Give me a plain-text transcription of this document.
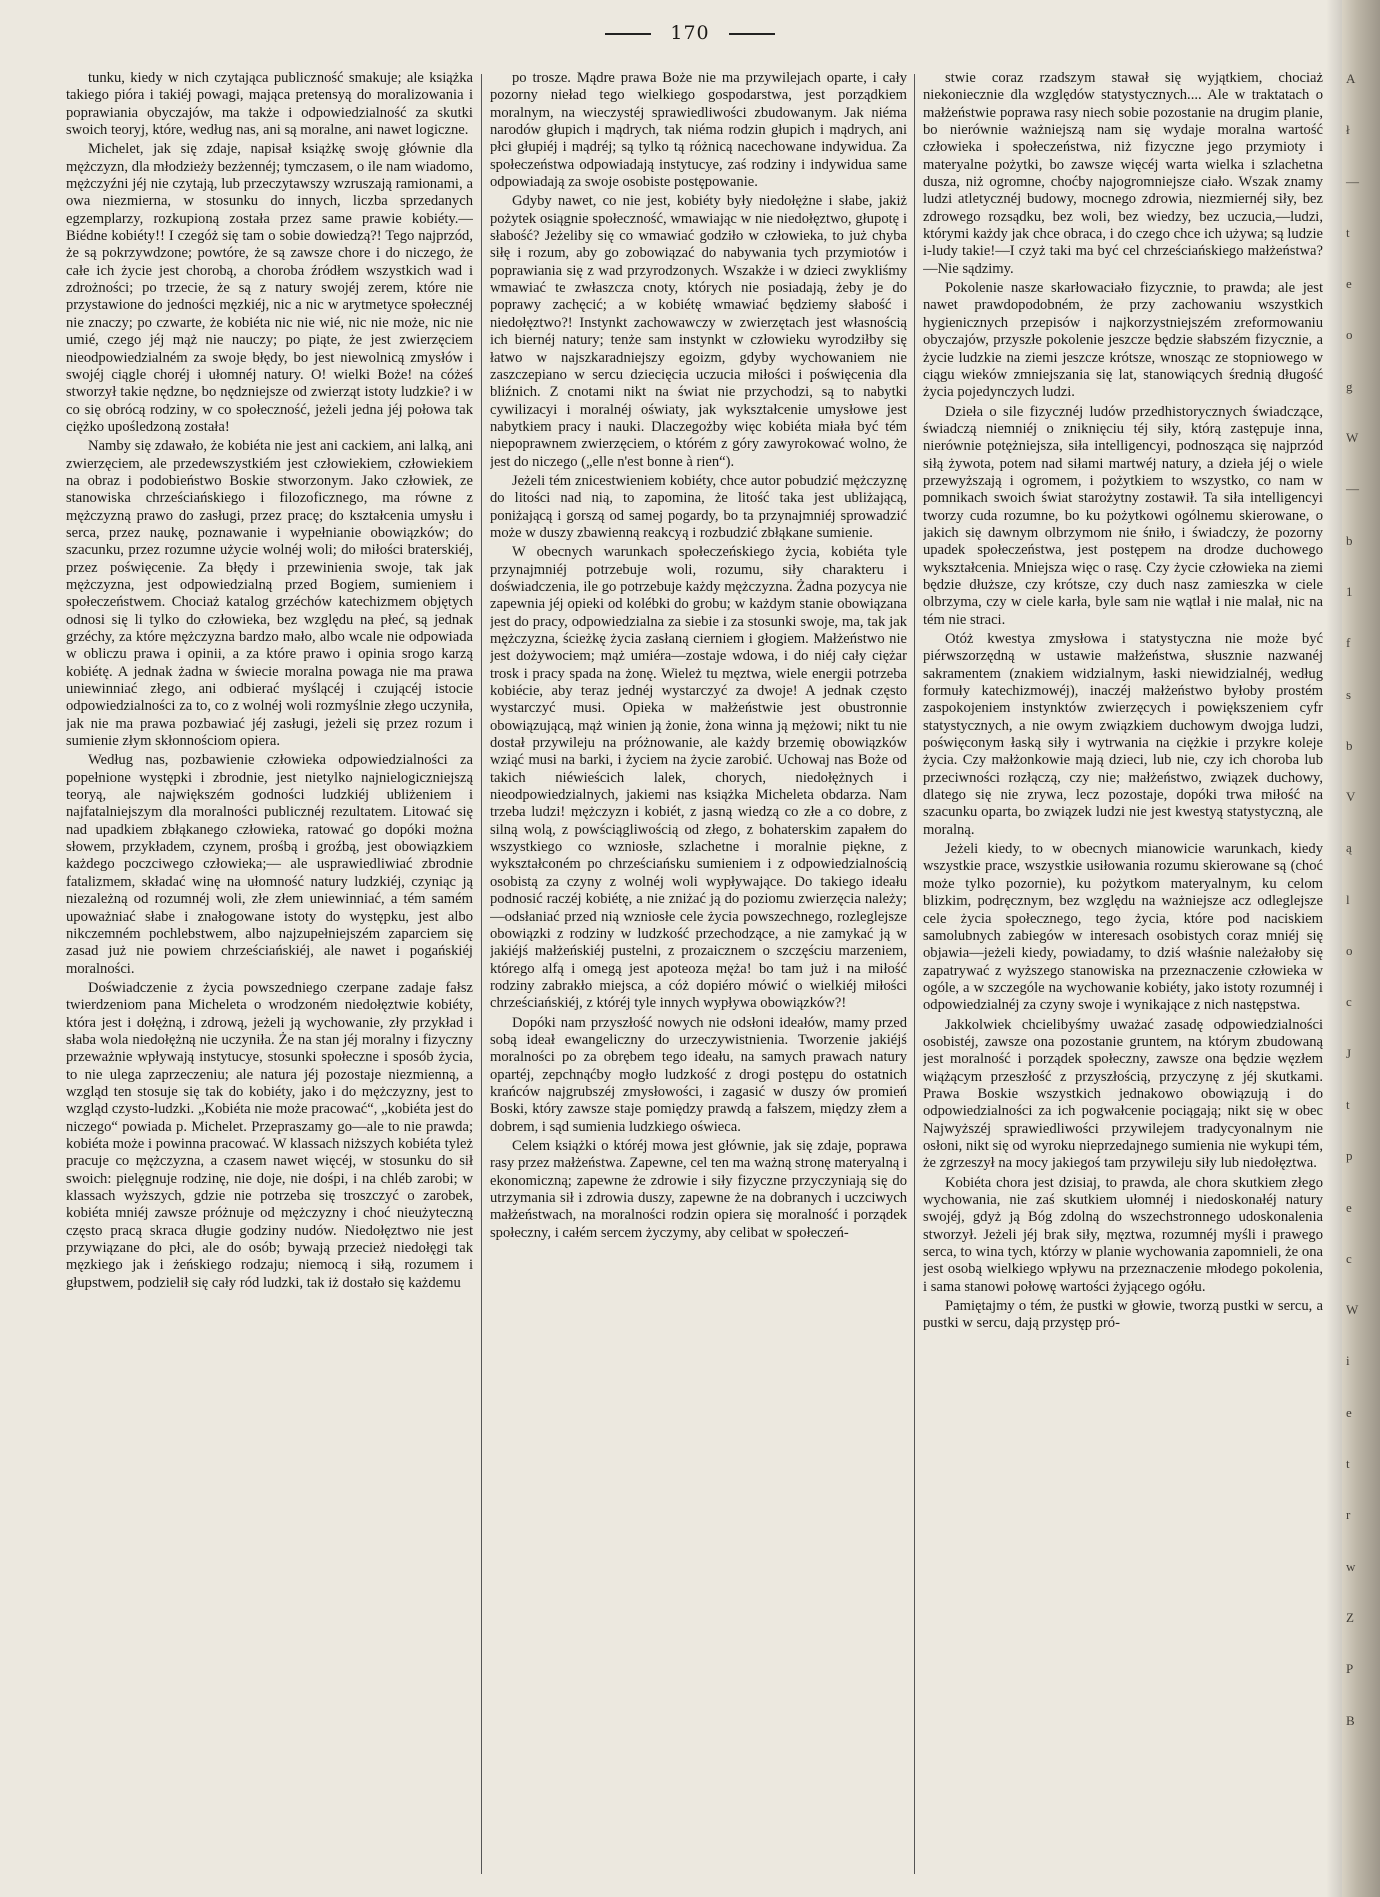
170

tunku, kiedy w nich czytająca publiczność smakuje; ale książka takiego pióra i takiéj powagi, mająca pretensyą do moralizowania i poprawiania obyczajów, ma także i odpowiedzialność za skutki swoich teoryj, które, według nas, ani są moralne, ani nawet logiczne.

Michelet, jak się zdaje, napisał książkę swoję głównie dla mężczyzn, dla młodzieży bezżennéj; tymczasem, o ile nam wiadomo, mężczyźni jéj nie czytają, lub przeczytawszy wzruszają ramionami, a owa niezmierna, w stosunku do innych, liczba sprzedanych egzemplarzy, rozkupioną została przez same prawie kobiéty.— Biédne kobiéty!! I czegóż się tam o sobie dowiedzą?! Tego najprzód, że są pokrzywdzone; powtóre, że są zawsze chore i do niczego, że całe ich życie jest chorobą, a choroba źródłem wszystkich wad i zdrożności; po trzecie, że są z natury swojéj zerem, które nie przystawione do jedności męzkiéj, nic a nic w arytmetyce społecznéj nie znaczy; po czwarte, że kobiéta nic nie wié, nic nie może, nic nie umié, czego jéj mąż nie nauczy; po piąte, że jest zwierzęciem nieodpowiedzialném za swoje błędy, bo jest niewolnicą zmysłów i swojéj ciągle choréj i ułomnéj natury. O! wielki Boże! na cóżeś stworzył takie nędzne, bo nędzniejsze od zwierząt istoty ludzkie? i w co się obrócą rodziny, w co społeczność, jeżeli jedna jéj połowa tak ciężko upośledzoną została!

Namby się zdawało, że kobiéta nie jest ani cackiem, ani lalką, ani zwierzęciem, ale przedewszystkiém jest człowiekiem, człowiekiem na obraz i podobieństwo Boskie stworzonym. Jako człowiek, ze stanowiska chrześciańskiego i filozoficznego, ma równe z mężczyzną prawo do zasługi, przez pracę; do kształcenia umysłu i serca, przez naukę, poznawanie i wypełnianie obowiązków; do szacunku, przez rozumne użycie wolnéj woli; do miłości braterskiéj, przez poświęcenie. Za błędy i przewinienia swoje, tak jak mężczyzna, jest odpowiedzialną przed Bogiem, sumieniem i społeczeństwem. Chociaż katalog grzéchów katechizmem objętych odnosi się li tylko do człowieka, bez względu na płeć, są jednak grzéchy, za które mężczyzna bardzo mało, albo wcale nie odpowiada w obliczu prawa i opinii, a za które prawo i opinia srogo karzą kobiétę. A jednak żadna w świecie moralna powaga nie ma prawa uniewinniać złego, ani odbierać myślącéj i czującéj istocie odpowiedzialności za to, co z wolnéj woli rozmyślnie złego uczyniła, jak nie ma prawa pozbawiać jéj zasługi, jeżeli się przez rozum i sumienie złym skłonnościom opiera.

Według nas, pozbawienie człowieka odpowiedzialności za popełnione występki i zbrodnie, jest nietylko najnielogiczniejszą teoryą, ale największém godności ludzkiéj ubliżeniem i najfatalniejszym dla moralności publicznéj rezultatem. Litować się nad upadkiem zbłąkanego człowieka, ratować go dopóki można słowem, przykładem, czynem, prośbą i groźbą, jest obowiązkiem każdego poczciwego człowieka;— ale usprawiedliwiać zbrodnie fatalizmem, składać winę na ułomność natury ludzkiéj, czyniąc ją niezależną od rozumnéj woli, złe złem uniewinniać, a tém samém upoważniać słabe i znałogowane istoty do występku, jest albo nikczemném pochlebstwem, albo najzupełniejszém zaparciem się zasad już nie powiem chrześciańskiéj, ale nawet i pogańskiéj moralności.

Doświadczenie z życia powszedniego czerpane zadaje fałsz twierdzeniom pana Micheleta o wrodzoném niedołęztwie kobiéty, która jest i dołężną, i zdrową, jeżeli ją wychowanie, zły przykład i słaba wola niedołężną nie uczyniła. Że na stan jéj moralny i fizyczny przeważnie wpływają instytucye, stosunki społeczne i sposób życia, to nie ulega zaprzeczeniu; ale natura jéj pozostaje niezmienną, a wzgląd ten stosuje się tak do kobiéty, jako i do mężczyzny, jest to wzgląd czysto-ludzki. „Kobiéta nie może pracować“, „kobiéta jest do niczego“ powiada p. Michelet. Przepraszamy go—ale to nie prawda; kobiéta może i powinna pracować. W klassach niższych kobiéta tyleż pracuje co mężczyzna, a czasem nawet więcéj, w stosunku do sił swoich: pielęgnuje rodzinę, nie doje, nie dośpi, i na chléb zarobi; w klassach wyższych, gdzie nie potrzeba się troszczyć o zarobek, kobiéta mniéj zawsze próżnuje od mężczyzny i choć nieużyteczną często pracą skraca długie godziny nudów. Niedołęztwo nie jest przywiązane do płci, ale do osób; bywają przecież niedołęgi tak męzkiego jak i żeńskiego rodzaju; niemocą i siłą, rozumem i głupstwem, podzielił się cały ród ludzki, tak iż dostało się każdemu

po trosze. Mądre prawa Boże nie ma przywilejach oparte, i cały pozorny nieład tego wielkiego gospodarstwa, jest porządkiem moralnym, na wieczystéj sprawiedliwości zbudowanym. Jak niéma narodów głupich i mądrych, tak niéma rodzin głupich i mądrych, ani płci głupiéj i mądréj; są tylko tą różnicą nacechowane indywidua. Za społeczeństwa odpowiadają instytucye, zaś rodziny i indywidua same odpowiadają za swoje osobiste postępowanie.

Gdyby nawet, co nie jest, kobiéty były niedołężne i słabe, jakiż pożytek osiągnie społeczność, wmawiając w nie niedołęztwo, głupotę i słabość? Jeżeliby się co wmawiać godziło w człowieka, to już chyba siłę i rozum, aby go zobowiązać do nabywania tych przymiotów i poprawiania się z wad przyrodzonych. Wszakże i w dzieci zwykliśmy wmawiać te zwłaszcza cnoty, których nie posiadają, żeby je do poprawy zachęcić; a w kobiétę wmawiać będziemy słabość i niedołęztwo?! Instynkt zachowawczy w zwierzętach jest własnością ich biernéj natury; tenże sam instynkt w człowieku wyrodziłby się łatwo w najszkaradniejszy egoizm, gdyby wychowaniem nie zaszczepiano w sercu dziecięcia uczucia miłości i poświęcenia dla bliźnich. Z cnotami nikt na świat nie przychodzi, są to nabytki cywilizacyi i moralnéj oświaty, jak wykształcenie umysłowe jest nabytkiem pracy i nauki. Dlaczegożby więc kobiéta miała być tém niepoprawnem zwierzęciem, o którém z góry zawyrokować wolno, że jest do niczego („elle n'est bonne à rien“).

Jeżeli tém znicestwieniem kobiéty, chce autor pobudzić mężczyznę do litości nad nią, to zapomina, że litość taka jest ubliżającą, poniżającą i gorszą od samej pogardy, bo ta przynajmniéj sprowadzić może w duszy zbawienną reakcyą i rozbudzić zbłąkane sumienie.

W obecnych warunkach społeczeńskiego życia, kobiéta tyle przynajmniéj potrzebuje woli, rozumu, siły charakteru i doświadczenia, ile go potrzebuje każdy mężczyzna. Żadna pozycya nie zapewnia jéj opieki od kolébki do grobu; w każdym stanie obowiązana jest do pracy, odpowiedzialna za siebie i za stosunki swoje, ma, tak jak mężczyzna, ścieżkę życia zasłaną cierniem i głogiem. Małżeństwo nie jest dożywociem; mąż umiéra—zostaje wdowa, i do niéj cały ciężar trosk i pracy spada na żonę. Wieleż tu męztwa, wiele energii potrzeba kobiécie, aby teraz jednéj wystarczyć za dwoje! A jednak często wystarczyć musi. Opieka w małżeństwie jest obustronnie obowiązującą, mąż winien ją żonie, żona winna ją mężowi; nikt tu nie dostał przywileju na próżnowanie, ale każdy brzemię obowiązków wziąć musi na barki, i życiem na życie zarobić. Uchowaj nas Boże od takich niéwieścich lalek, chorych, niedołężnych i nieodpowiedzialnych, jakiemi nas książka Micheleta obdarza. Nam trzeba ludzi! mężczyzn i kobiét, z jasną wiedzą co złe a co dobre, z silną wolą, z powściągliwością od złego, z bohaterskim zapałem do wszystkiego co wzniosłe, szlachetne i moralnie piękne, z wykształconém po chrześciańsku sumieniem i z odpowiedzialnością osobistą za czyny z wolnéj woli wypływające. Do takiego ideału podnosić raczéj kobiétę, a nie zniżać ją do poziomu zwierzęcia należy;—odsłaniać przed nią wzniosłe cele życia powszechnego, rozleglejsze obowiązki z rodziny w ludzkość przechodzące, a nie zamykać ją w jakiéjś małżeńskiéj pustelni, z prozaicznem o szczęściu marzeniem, którego alfą i omegą jest apoteoza męża! bo tam już i na miłość rodziny zabrakło miejsca, a cóż dopiéro mówić o wielkiéj miłości chrześciańskiéj, z któréj tyle innych wypływa obowiązków?!

Dopóki nam przyszłość nowych nie odsłoni ideałów, mamy przed sobą ideał ewangeliczny do urzeczywistnienia. Tworzenie jakiéjś moralności po za obrębem tego ideału, na samych prawach natury opartéj, zepchnąćby mogło ludzkość z drogi postępu do ostatnich krańców najgrubszéj zmysłowości, i zagasić w duszy ów promień Boski, który zawsze staje pomiędzy prawdą a fałszem, między złem a dobrem, i sąd sumienia ludzkiego oświeca.

Celem książki o któréj mowa jest głównie, jak się zdaje, poprawa rasy przez małżeństwa. Zapewne, cel ten ma ważną stronę materyalną i ekonomiczną; zapewne że zdrowie i siły fizyczne przyczyniają się do utrzymania sił i zdrowia duszy, zapewne że na dobranych i uczciwych małżeństwach, na moralności rodzin opiera się moralność i porządek społeczny, i całém sercem życzymy, aby celibat w społeczeń-

stwie coraz rzadszym stawał się wyjątkiem, chociaż niekoniecznie dla względów statystycznych.... Ale w traktatach o małżeństwie poprawa rasy niech sobie pozostanie na drugim planie, bo nierównie ważniejszą nam się wydaje moralna wartość człowieka i społeczeństwa, niż fizyczne jego przymioty i materyalne pożytki, bo zawsze więcéj warta wielka i szlachetna dusza, niż ogromne, choćby najogromniejsze ciało. Wszak znamy ludzi atletycznéj budowy, mocnego zdrowia, niezmiernéj siły, bez zdrowego rozsądku, bez woli, bez wiedzy, bez uczucia,—ludzi, którymi każdy jak chce obraca, i do czego chce ich używa; są ludzie i-ludy takie!—I czyż taki ma być cel chrześciańskiego małżeństwa?—Nie sądzimy.

Pokolenie nasze skarłowaciało fizycznie, to prawda; ale jest nawet prawdopodobném, że przy zachowaniu wszystkich hygienicznych przepisów i najkorzystniejszém zreformowaniu obyczajów, przyszłe pokolenie jeszcze będzie słabszém fizycznie, a życie ludzkie na ziemi jeszcze krótsze, wnosząc ze stopniowego w ciągu wieków zmniejszania się lat, stanowiących średnią długość życia pojedynczych ludzi.

Dzieła o sile fizycznéj ludów przedhistorycznych świadczące, świadczą niemniéj o zniknięciu téj siły, którą zastępuje inna, nierównie potężniejsza, siła intelligencyi, podnosząca się najprzód siłą żywota, potem nad siłami martwéj natury, a dzieła jéj o wiele przewyższają i ogromem, i pożytkiem to wszystko, co nam w pomnikach swoich świat starożytny zostawił. Ta siła intelligencyi tworzy cuda rozumne, bo ku pożytkowi ogólnemu skierowane, o jakich się dawnym olbrzymom nie śniło, i świadczy, że pozorny upadek społeczeństwa, jest postępem na drodze duchowego wykształcenia. Mniejsza więc o rasę. Czy życie człowieka na ziemi będzie dłuższe, czy krótsze, czy duch nasz zamieszka w ciele olbrzyma, czy w ciele karła, byle sam nie wątlał i nie malał, nic na tém nie straci.

Otóż kwestya zmysłowa i statystyczna nie może być piérwszorzędną w ustawie małżeństwa, słusznie nazwanéj sakramentem (znakiem widzialnym, łaski niewidzialnéj, według formuły katechizmowéj), inaczéj małżeństwo byłoby prostém zaspokojeniem instynktów zwierzęcych i powiększeniem cyfr statystycznych, a nie owym związkiem duchowym dwojga ludzi, poświęconym łaską siły i wytrwania na ciężkie i przykre koleje życia. Czy małżonkowie mają dzieci, lub nie, czy ich choroba lub przeciwności rozłączą, czy nie; małżeństwo, związek duchowy, dlatego się nie zrywa, lecz pozostaje, dopóki trwa miłość na szacunku oparta, bo związek ludzi nie jest kwestyą statystyczną, ale moralną.

Jeżeli kiedy, to w obecnych mianowicie warunkach, kiedy wszystkie prace, wszystkie usiłowania rozumu skierowane są (choć może tylko pozornie), ku pożytkom materyalnym, ku celom blizkim, podręcznym, bez względu na ważniejsze acz odleglejsze cele życia społecznego, tego życia, które pod naciskiem samolubnych zabiegów w interesach osobistych coraz mniéj się objawia—jeżeli kiedy, powiadamy, to dziś właśnie należałoby się zapatrywać z wyższego stanowiska na przeznaczenie człowieka w ogóle, a w szczególe na wychowanie kobiéty, jako istoty rozumnéj i odpowiedzialnéj za czyny swoje i wynikające z nich następstwa.

Jakkolwiek chcielibyśmy uważać zasadę odpowiedzialności osobistéj, zawsze ona pozostanie gruntem, na którym zbudowaną jest moralność i porządek społeczny, zawsze ona będzie węzłem wiążącym przeszłość z przyszłością, przyczynę z jéj skutkami. Prawa Boskie wszystkich jednakowo obowiązują i do odpowiedzialności za ich pogwałcenie pociągają; nikt się w obec Najwyższéj sprawiedliwości przywilejem tradycyonalnym nie osłoni, nikt się od wyroku nieprzedajnego sumienia nie wykupi tém, że zgrzeszył na mocy jakiegoś tam przywileju siły lub niedołęztwa.

Kobiéta chora jest dzisiaj, to prawda, ale chora skutkiem złego wychowania, nie zaś skutkiem ułomnéj i niedoskonałéj natury swojéj, gdyż ją Bóg zdolną do wszechstronnego udoskonalenia stworzył. Jeżeli jéj brak siły, męztwa, rozumnéj myśli i prawego serca, to wina tych, którzy w planie wychowania zapomnieli, że ona jest osobą wielkiego wpływu na przeznaczenie młodego pokolenia, i sama stanowi połowę wartości żyjącego ogółu.

Pamiętajmy o tém, że pustki w głowie, tworzą pustki w sercu, a pustki w sercu, dają przystęp pró-

A
ł
—
t
e
o
g
W
—
b
1
f
s
b
V
ą
l
o
c
J
t
p
e
c
W
i
e
t
r
w
Z
P
B
